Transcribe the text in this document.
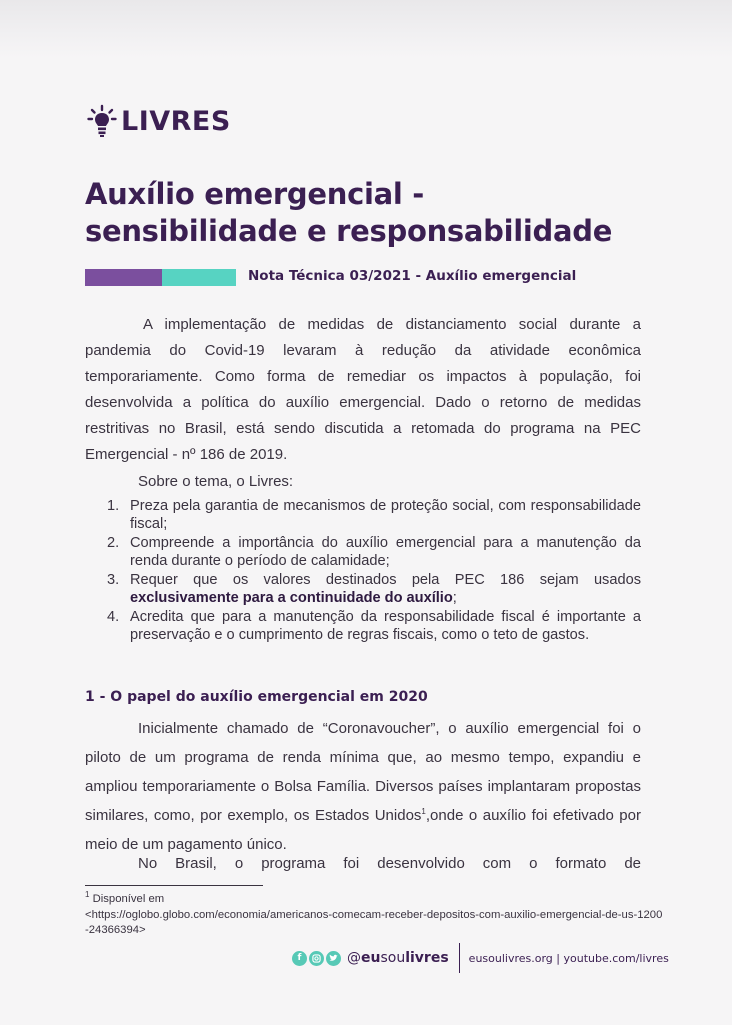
LIVRES
Auxílio emergencial -
sensibilidade e responsabilidade
Nota Técnica 03/2021 - Auxílio emergencial

A implementação de medidas de distanciamento social durante a pandemia do Covid-19 levaram à redução da atividade econômica temporariamente. Como forma de remediar os impactos à população, foi desenvolvida a política do auxílio emergencial. Dado o retorno de medidas restritivas no Brasil, está sendo discutida a retomada do programa na PEC Emergencial - nº 186 de 2019.

Sobre o tema, o Livres:

1. Preza pela garantia de mecanismos de proteção social, com responsabilidade fiscal;
2. Compreende a importância do auxílio emergencial para a manutenção da renda durante o período de calamidade;
3. Requer que os valores destinados pela PEC 186 sejam usados exclusivamente para a continuidade do auxílio;
4. Acredita que para a manutenção da responsabilidade fiscal é importante a preservação e o cumprimento de regras fiscais, como o teto de gastos.
1 - O papel do auxílio emergencial em 2020

Inicialmente chamado de “Coronavoucher”, o auxílio emergencial foi o piloto de um programa de renda mínima que, ao mesmo tempo, expandiu e ampliou temporariamente o Bolsa Família. Diversos países implantaram propostas similares, como, por exemplo, os Estados Unidos$^1$,onde o auxílio foi efetivado por meio de um pagamento único.

No Brasil, o programa foi desenvolvido com o formato de

$^1$ Disponível em
<https://oglobo.globo.com/economia/americanos-comecam-receber-depositos-com-auxilio-emergencial-de-us-1200-24366394>
f	@eusoulivres eusoulivres.org | youtube.com/livres
